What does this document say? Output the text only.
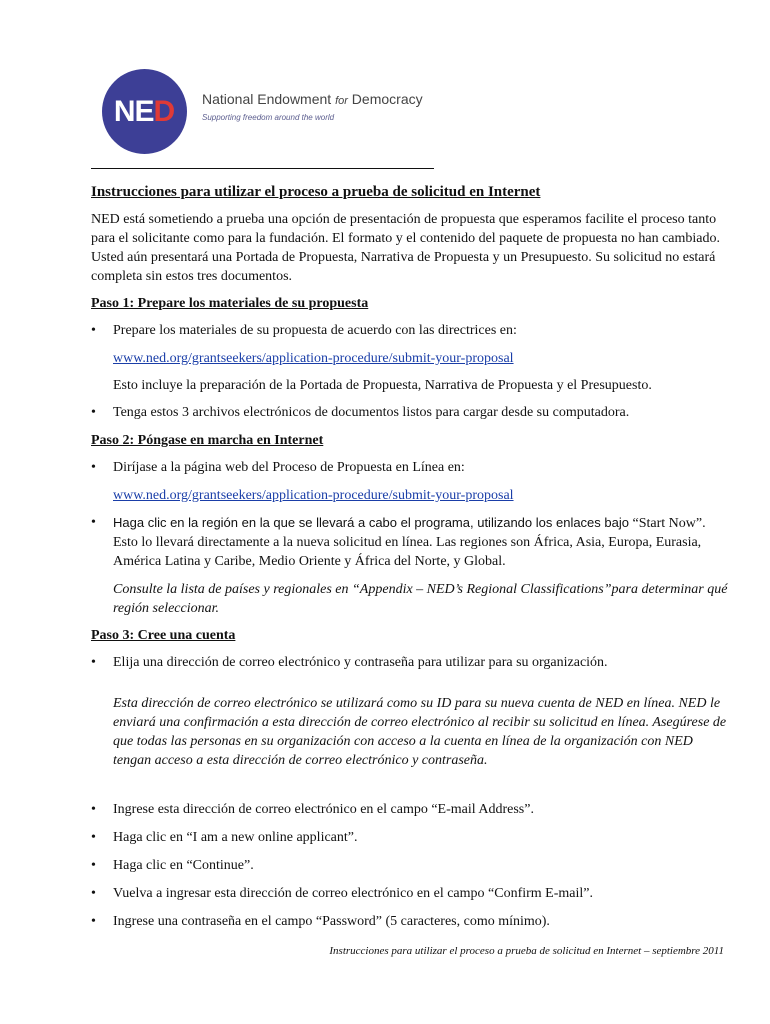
NE D National Endowment for Democracy
Supporting freedom around the world

Instrucciones para utilizar el proceso a prueba de solicitud en Internet

NED está sometiendo a prueba una opción de presentación de propuesta que esperamos facilite el proceso tanto para el solicitante como para la fundación. El formato y el contenido del paquete de propuesta no han cambiado. Usted aún presentará una Portada de Propuesta, Narrativa de Propuesta y un Presupuesto. Su solicitud no estará completa sin estos tres documentos.

Paso 1: Prepare los materiales de su propuesta

• Prepare los materiales de su propuesta de acuerdo con las directrices en:

www.ned.org/grantseekers/application-procedure/submit-your-proposal

Esto incluye la preparación de la Portada de Propuesta, Narrativa de Propuesta y el Presupuesto.

• Tenga estos 3 archivos electrónicos de documentos listos para cargar desde su computadora.

Paso 2: Póngase en marcha en Internet

• Diríjase a la página web del Proceso de Propuesta en Línea en:

www.ned.org/grantseekers/application-procedure/submit-your-proposal

• Haga clic en la región en la que se llevará a cabo el programa, utilizando los enlaces bajo “Start Now”. Esto lo llevará directamente a la nueva solicitud en línea. Las regiones son África, Asia, Europa, Eurasia, América Latina y Caribe, Medio Oriente y África del Norte, y Global.

Consulte la lista de países y regionales en “Appendix – NED’s Regional Classifications”para determinar qué región seleccionar.

Paso 3: Cree una cuenta

• Elija una dirección de correo electrónico y contraseña para utilizar para su organización.

Esta dirección de correo electrónico se utilizará como su ID para su nueva cuenta de NED en línea. NED le enviará una confirmación a esta dirección de correo electrónico al recibir su solicitud en línea. Asegúrese de que todas las personas en su organización con acceso a la cuenta en línea de la organización con NED tengan acceso a esta dirección de correo electrónico y contraseña.

• Ingrese esta dirección de correo electrónico en el campo “E-mail Address”.

• Haga clic en “I am a new online applicant”.

• Haga clic en “Continue”.

• Vuelva a ingresar esta dirección de correo electrónico en el campo “Confirm E-mail”.

• Ingrese una contraseña en el campo “Password” (5 caracteres, como mínimo).

Instrucciones para utilizar el proceso a prueba de solicitud en Internet – septiembre 2011
